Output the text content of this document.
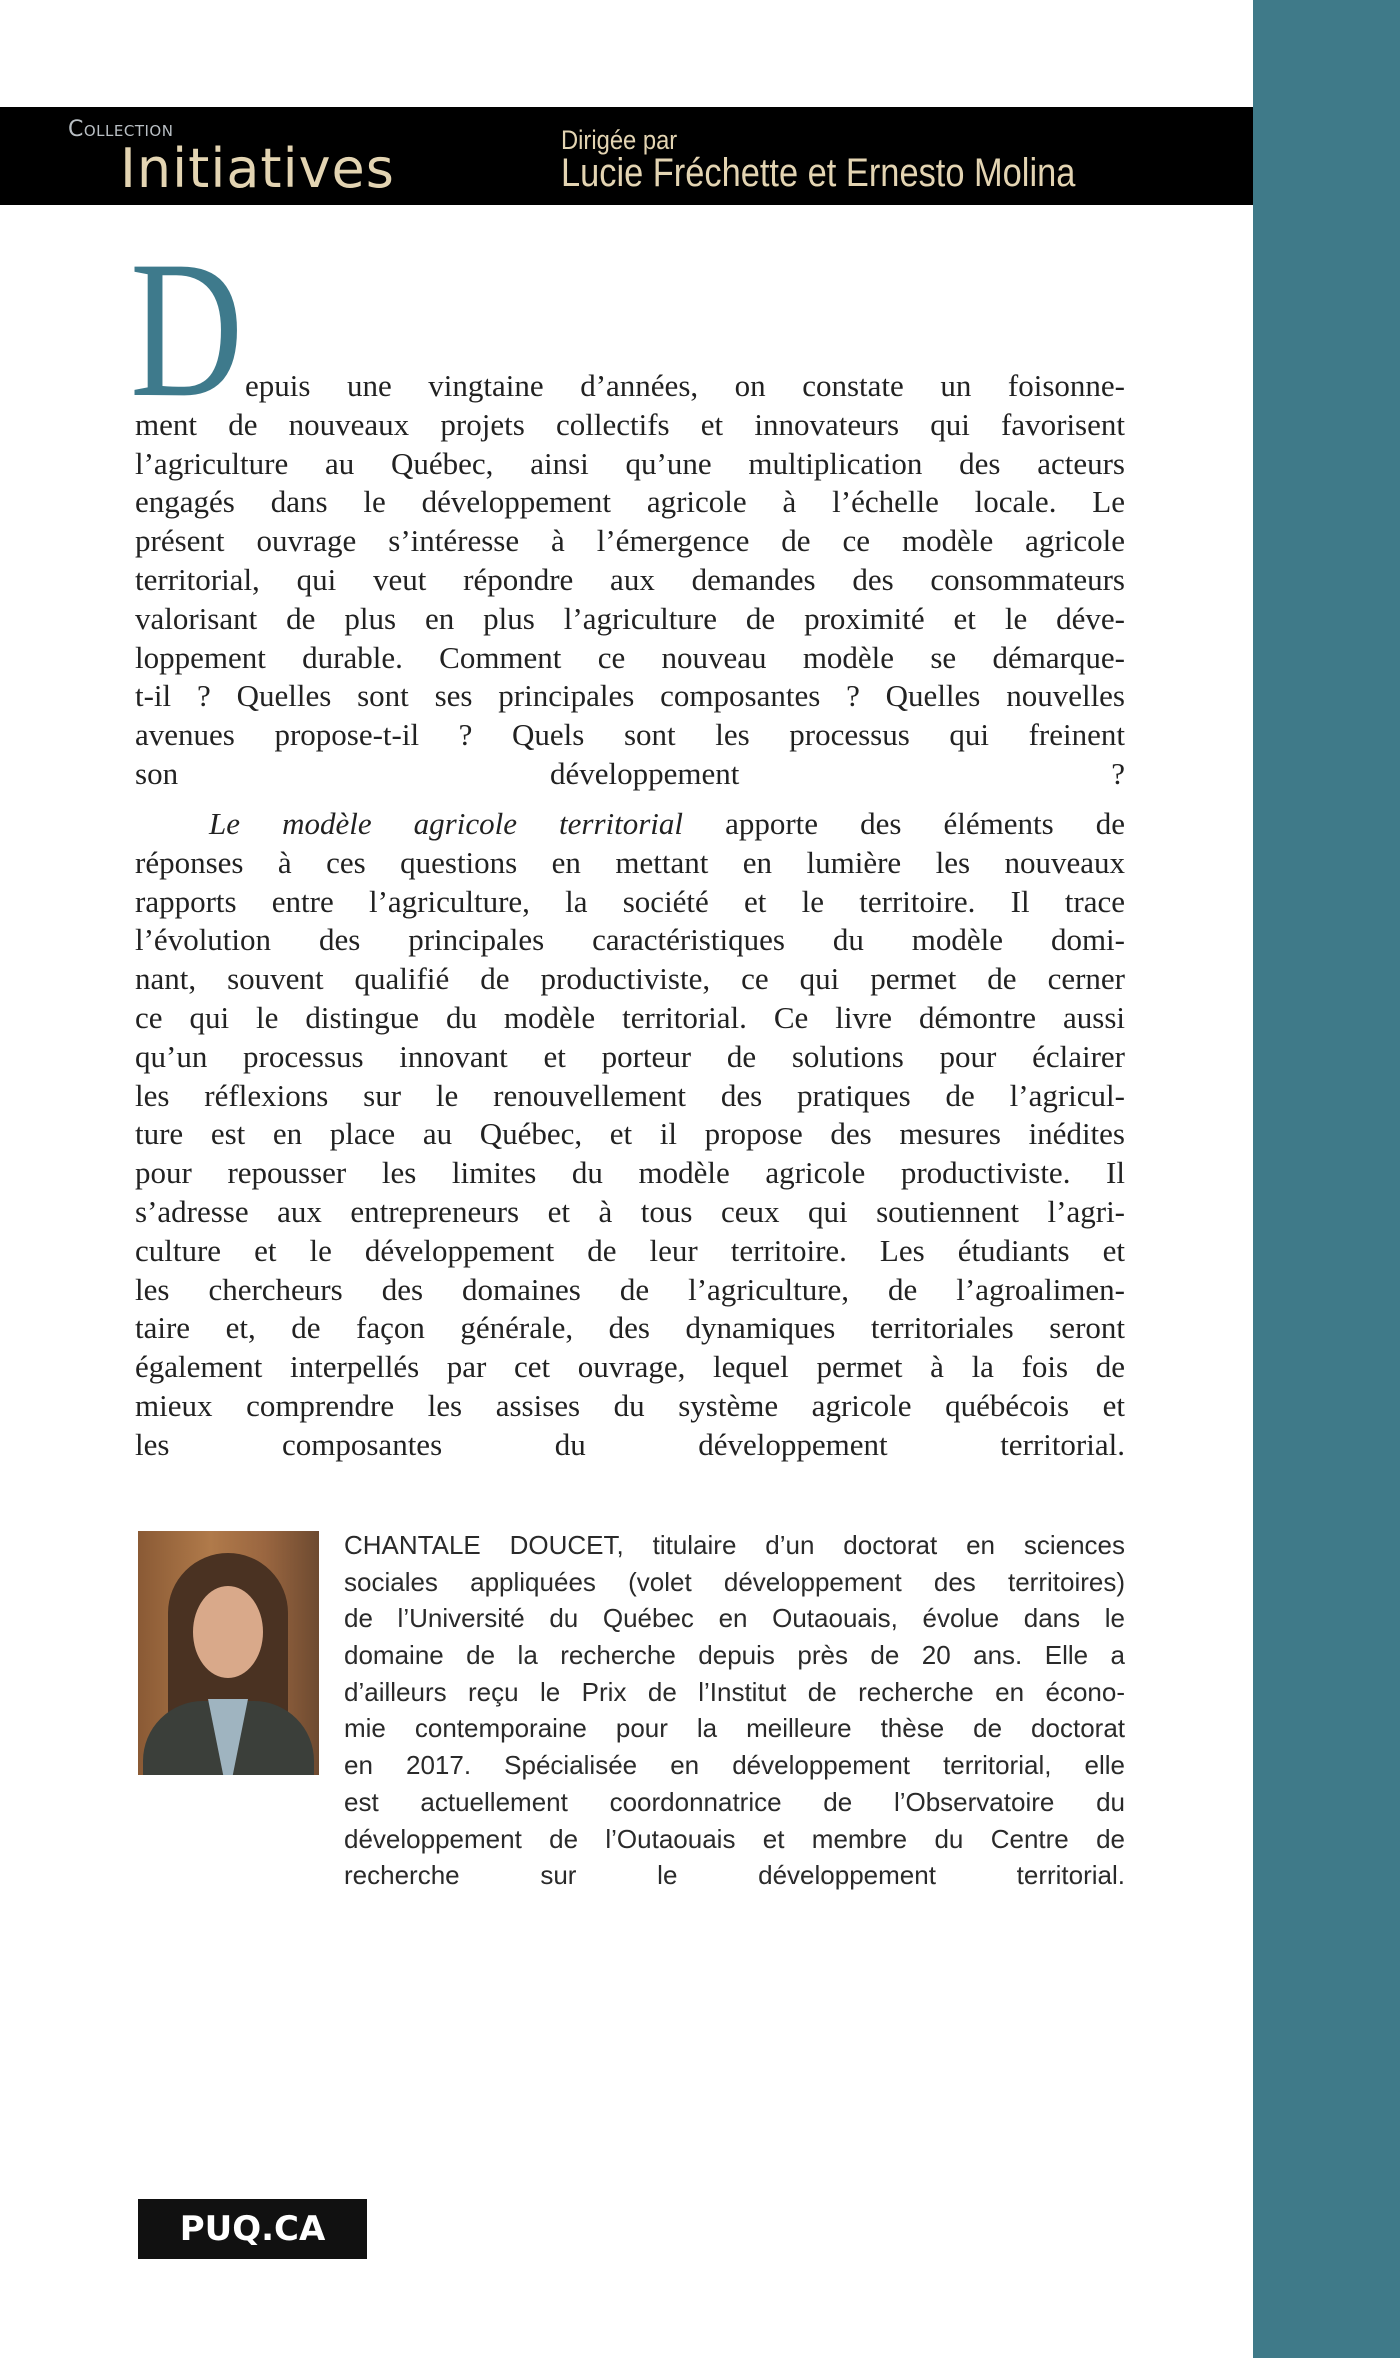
Collection
Initiatives	Dirigée par
Lucie Fréchette et Ernesto Molina
D epuis une vingtaine d’années, on constate un foisonne-
ment de nouveaux projets collectifs et innovateurs qui favorisent
l’agriculture au Québec, ainsi qu’une multiplication des acteurs
engagés dans le développement agricole à l’échelle locale. Le
présent ouvrage s’intéresse à l’émergence de ce modèle agricole
territorial, qui veut répondre aux demandes des consommateurs
valorisant de plus en plus l’agriculture de proximité et le déve-
loppement durable. Comment ce nouveau modèle se démarque-
t-il ? Quelles sont ses principales composantes ? Quelles nouvelles
avenues propose-t-il ? Quels sont les processus qui freinent
son développement ?
Le modèle agricole territorial apporte des éléments de
réponses à ces questions en mettant en lumière les nouveaux
rapports entre l’agriculture, la société et le territoire. Il trace
l’évolution des principales caractéristiques du modèle domi-
nant, souvent qualifié de productiviste, ce qui permet de cerner
ce qui le distingue du modèle territorial. Ce livre démontre aussi
qu’un processus innovant et porteur de solutions pour éclairer
les réflexions sur le renouvellement des pratiques de l’agricul-
ture est en place au Québec, et il propose des mesures inédites
pour repousser les limites du modèle agricole productiviste. Il
s’adresse aux entrepreneurs et à tous ceux qui soutiennent l’agri-
culture et le développement de leur territoire. Les étudiants et
les chercheurs des domaines de l’agriculture, de l’agroalimen-
taire et, de façon générale, des dynamiques territoriales seront
également interpellés par cet ouvrage, lequel permet à la fois de
mieux comprendre les assises du système agricole québécois et
les composantes du développement territorial.
CHANTALE DOUCET, titulaire d’un doctorat en sciences
sociales appliquées (volet développement des territoires)
de l’Université du Québec en Outaouais, évolue dans le
domaine de la recherche depuis près de 20 ans. Elle a
d’ailleurs reçu le Prix de l’Institut de recherche en écono-
mie contemporaine pour la meilleure thèse de doctorat
en 2017. Spécialisée en développement territorial, elle
est actuellement coordonnatrice de l’Observatoire du
développement de l’Outaouais et membre du Centre de
recherche sur le développement territorial.
PUQ.CA
